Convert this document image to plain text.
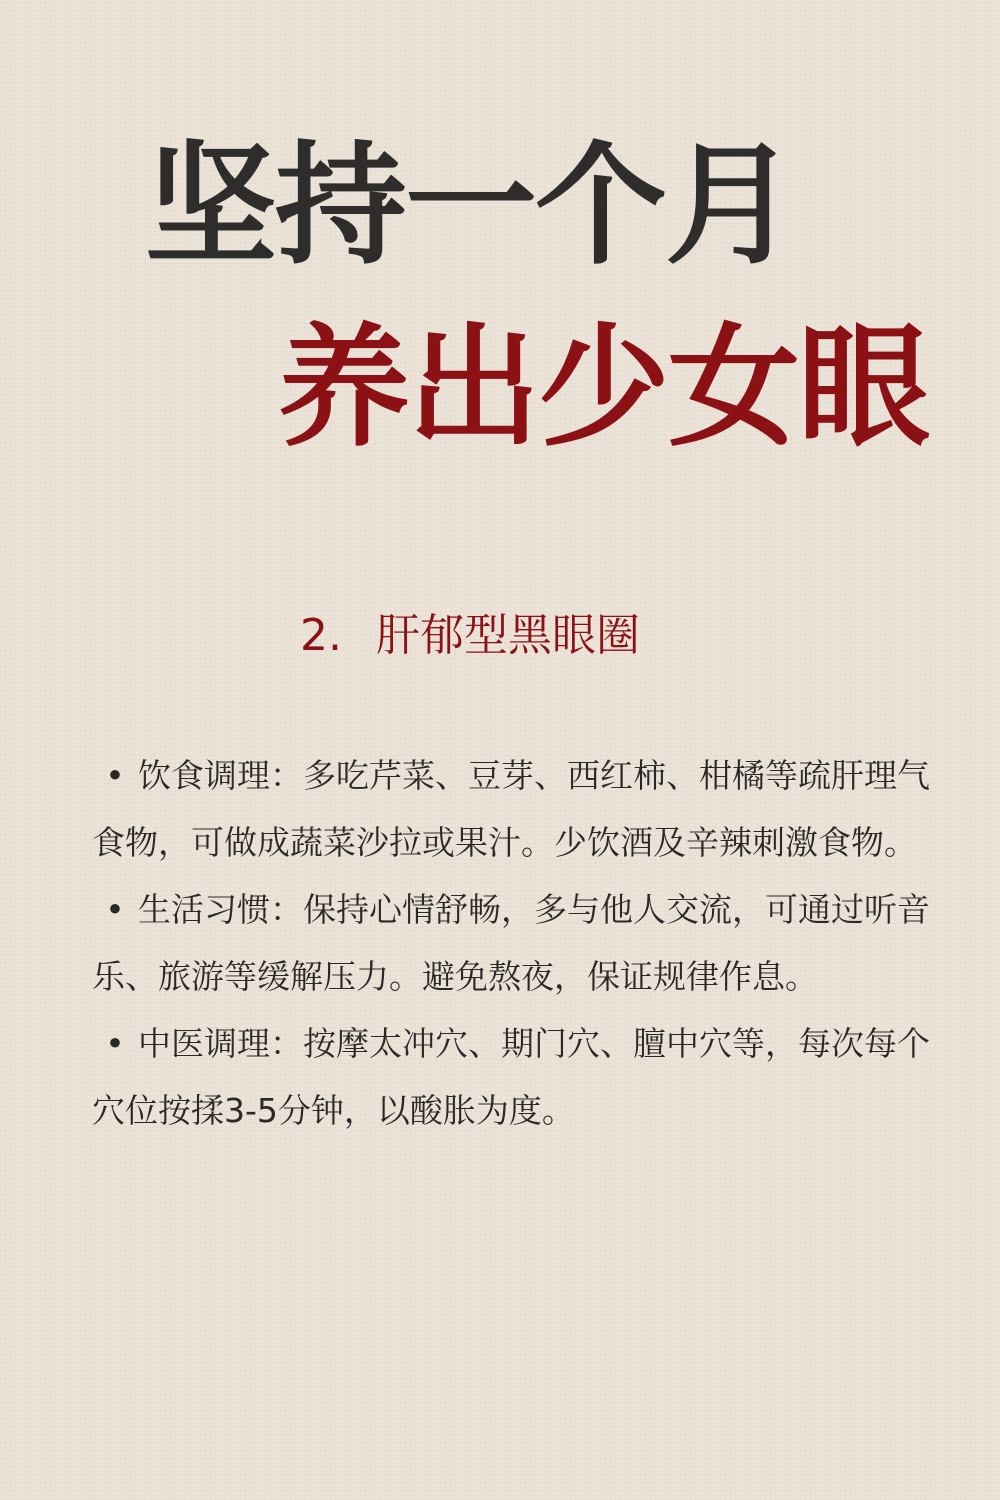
坚持一个月
养出少女眼
2. 肝郁型黑眼圈

• 饮食调理：多吃芹菜、豆芽、西红柿、柑橘等疏肝理气食物，可做成蔬菜沙拉或果汁。少饮酒及辛辣刺激食物。

• 生活习惯：保持心情舒畅，多与他人交流，可通过听音乐、旅游等缓解压力。避免熬夜，保证规律作息。

• 中医调理：按摩太冲穴、期门穴、膻中穴等，每次每个穴位按揉3-5分钟，以酸胀为度。
